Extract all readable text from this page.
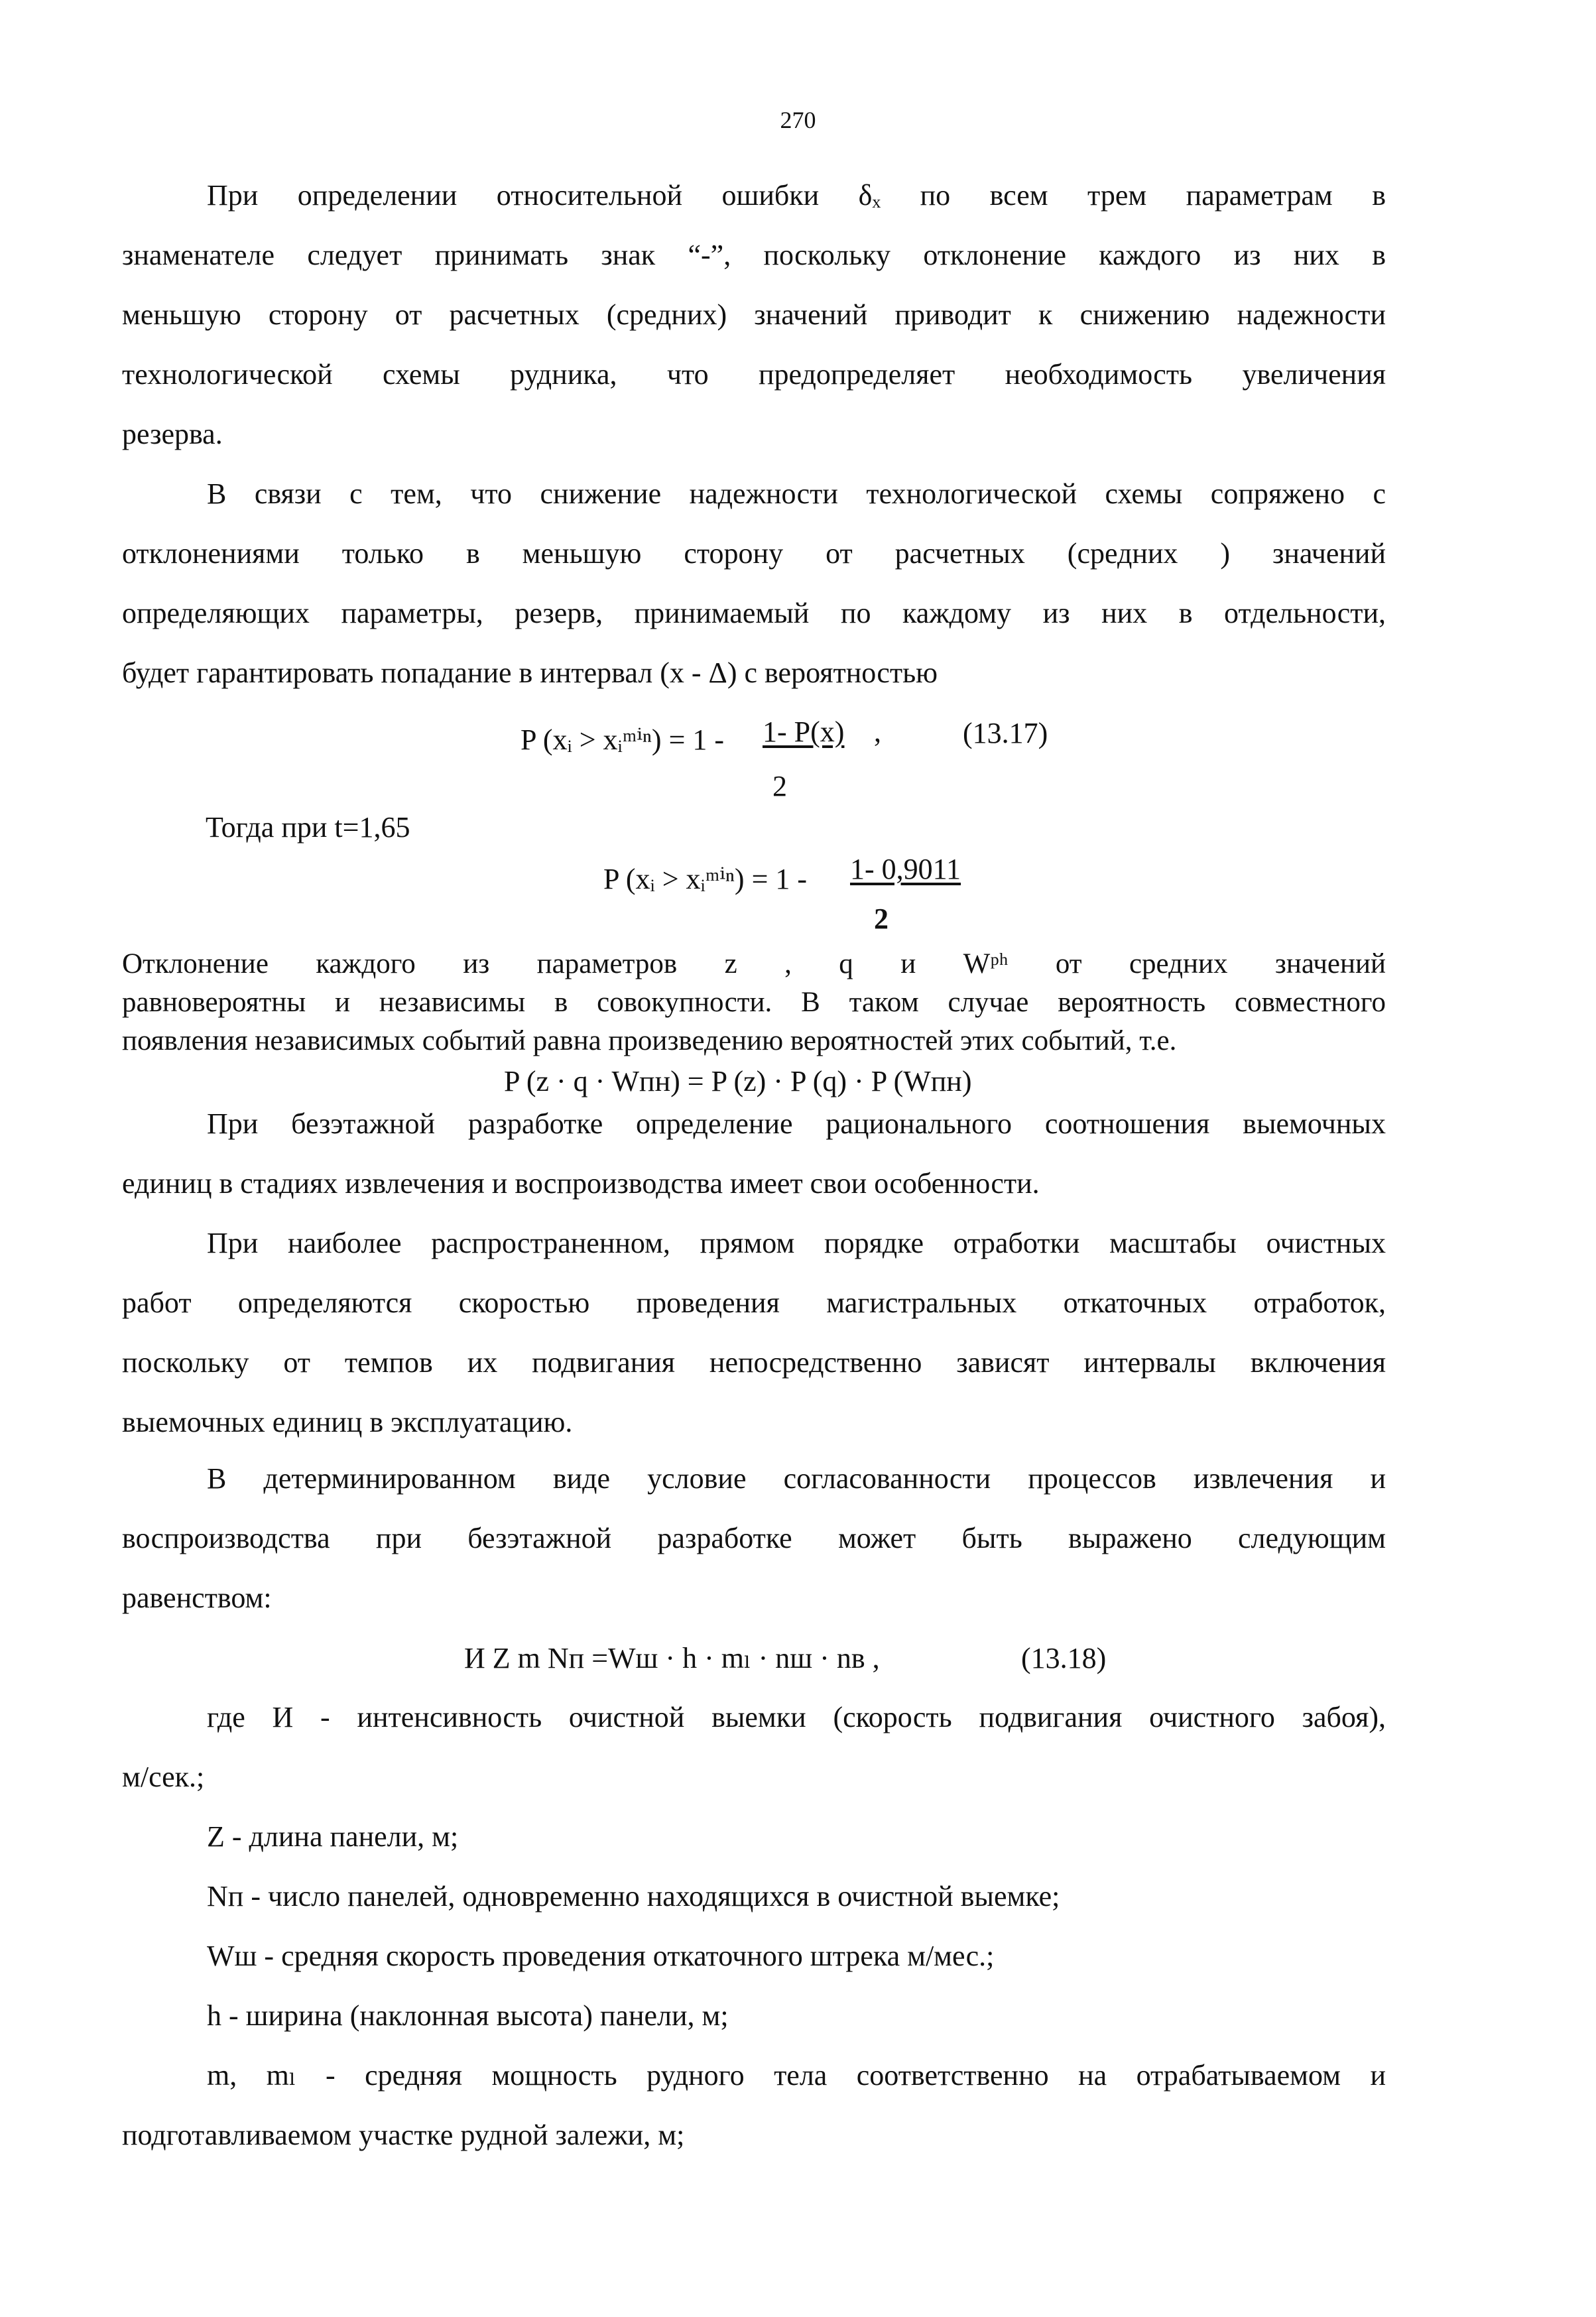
270
При определении относительной ошибки δₓ по всем трем параметрам в
знаменателе следует принимать знак “-”, поскольку отклонение каждого из них в
меньшую сторону от расчетных (средних) значений приводит к снижению надежности
технологической схемы рудника, что предопределяет необходимость увеличения
резерва.
В связи с тем, что снижение надежности технологической схемы сопряжено с
отклонениями только в меньшую сторону от расчетных (средних ) значений
определяющих параметры, резерв, принимаемый по каждому из них в отдельности,
будет гарантировать попадание в интервал (х - Δ) с вероятностью
P (xᵢ > xᵢᵐⁱⁿ) = 1 - 1- P(x) ,
2
(13.17)
Тогда при t=1,65
P (xᵢ > xᵢᵐⁱⁿ) = 1 - 1- 0,9011
2
Отклонение каждого из параметров z , q и Wᵖʰ от средних значений
равновероятны и независимы в совокупности. В таком случае вероятность совместного
появления независимых событий равна произведению вероятностей этих событий, т.е.
P (z · q · Wпн) = P (z) · P (q) · P (Wпн)
При безэтажной разработке определение рационального соотношения выемочных
единиц в стадиях извлечения и воспроизводства имеет свои особенности.
При наиболее распространенном, прямом порядке отработки масштабы очистных
работ определяются скоростью проведения магистральных откаточных отработок,
поскольку от темпов их подвигания непосредственно зависят интервалы включения
выемочных единиц в эксплуатацию.
В детерминированном виде условие согласованности процессов извлечения и
воспроизводства при безэтажной разработке может быть выражено следующим
равенством:
И Z m Nп =Wш · h · mₗ · nш · nв ,	(13.18)
где И - интенсивность очистной выемки (скорость подвигания очистного забоя),
м/сек.;
Z - длина панели, м;
Nп - число панелей, одновременно находящихся в очистной выемке;
Wш - средняя скорость проведения откаточного штрека м/мес.;
h - ширина (наклонная высота) панели, м;
m, mₗ - средняя мощность рудного тела соответственно на отрабатываемом и
подготавливаемом участке рудной залежи, м;
